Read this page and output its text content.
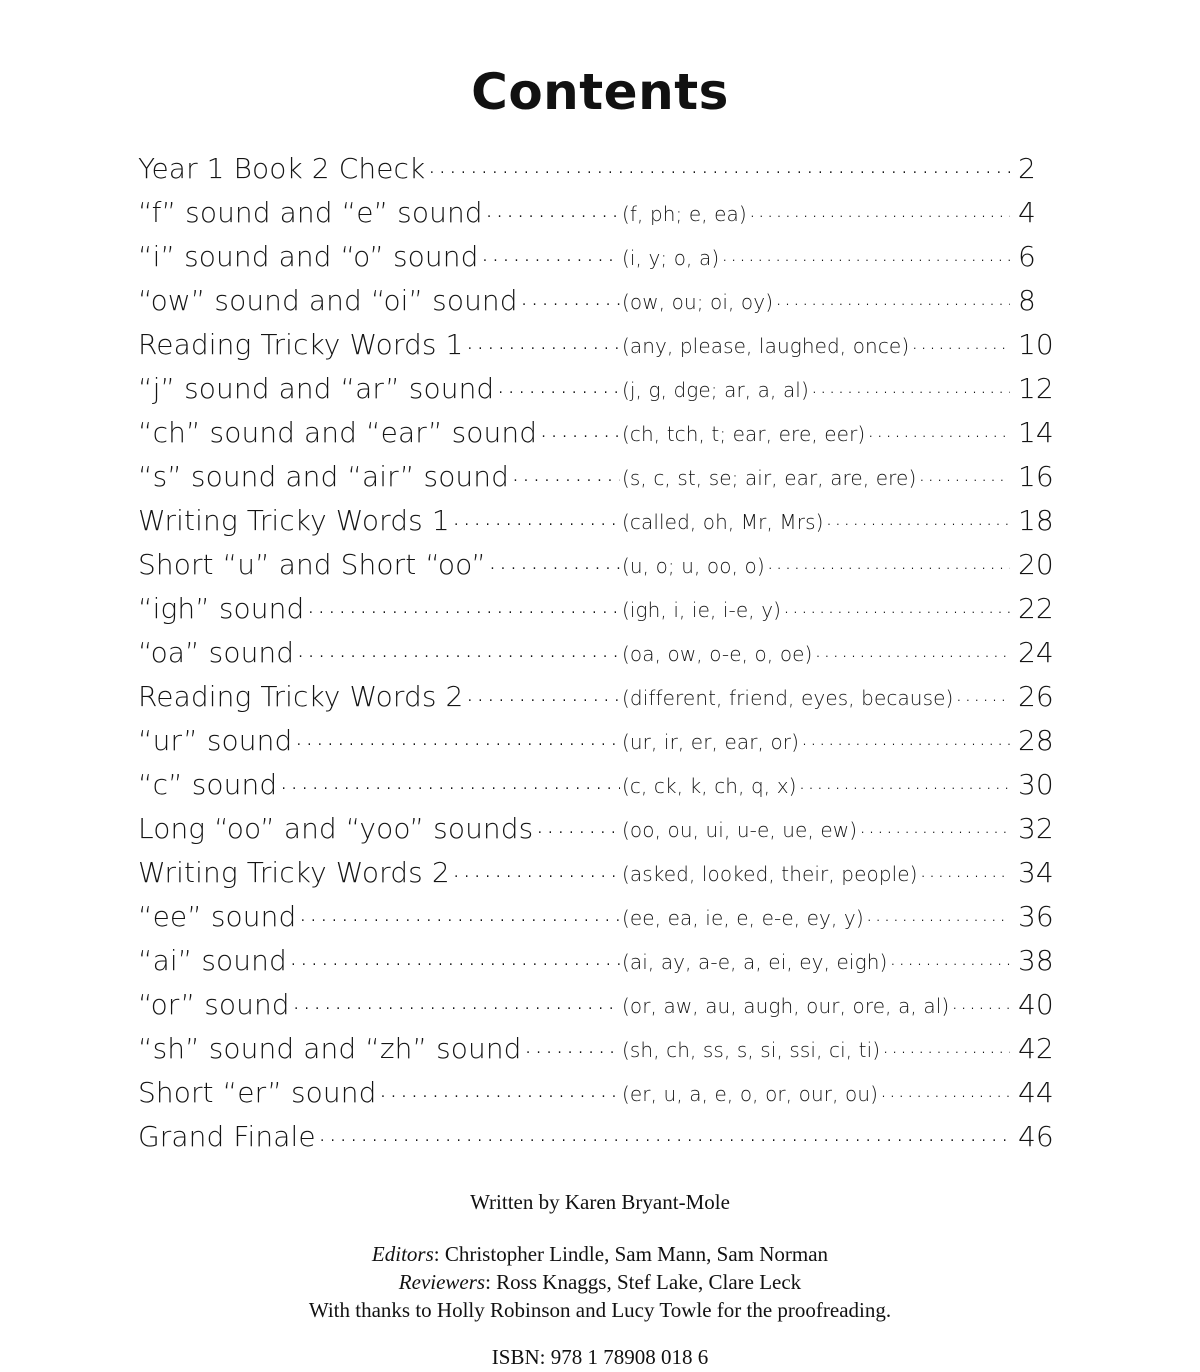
Contents
Year 1 Book 2 Check .....	2
“f” sound and “e” sound .....	(f, ph; e, ea) .....	4
“i” sound and “o” sound .....	(i, y; o, a) .....	6
“ow” sound and “oi” sound .....	(ow, ou; oi, oy) .....	8
Reading Tricky Words 1 .....	(any, please, laughed, once) .....	10
“j” sound and “ar” sound .....	(j, g, dge; ar, a, al) .....	12
“ch” sound and “ear” sound .....	(ch, tch, t; ear, ere, eer) .....	14
“s” sound and “air” sound .....	(s, c, st, se; air, ear, are, ere) .....	16
Writing Tricky Words 1 .....	(called, oh, Mr, Mrs) .....	18
Short “u” and Short “oo” .....	(u, o; u, oo, o) .....	20
“igh” sound .....	(igh, i, ie, i-e, y) .....	22
“oa” sound .....	(oa, ow, o-e, o, oe) .....	24
Reading Tricky Words 2 .....	(different, friend, eyes, because) ..... 26
“ur” sound .....	(ur, ir, er, ear, or) .....	28
“c” sound .....	(c, ck, k, ch, q, x) .....	30
Long “oo” and “yoo” sounds .....	(oo, ou, ui, u-e, ue, ew) .....	32
Writing Tricky Words 2 .....	(asked, looked, their, people) .....	34
“ee” sound .....	(ee, ea, ie, e, e-e, ey, y) .....	36
“ai” sound .....	(ai, ay, a-e, a, ei, ey, eigh) .....	38
“or” sound .....	(or, aw, au, augh, our, ore, a, al) ..... 40
“sh” sound and “zh” sound .....	(sh, ch, ss, s, si, ssi, ci, ti) .....	42
Short “er” sound .....	(er, u, a, e, o, or, our, ou) .....	44
Grand Finale .....	46

Written by Karen Bryant-Mole

Editors: Christopher Lindle, Sam Mann, Sam Norman

Reviewers: Ross Knaggs, Stef Lake, Clare Leck

With thanks to Holly Robinson and Lucy Towle for the proofreading.

ISBN: 978 1 78908 018 6
